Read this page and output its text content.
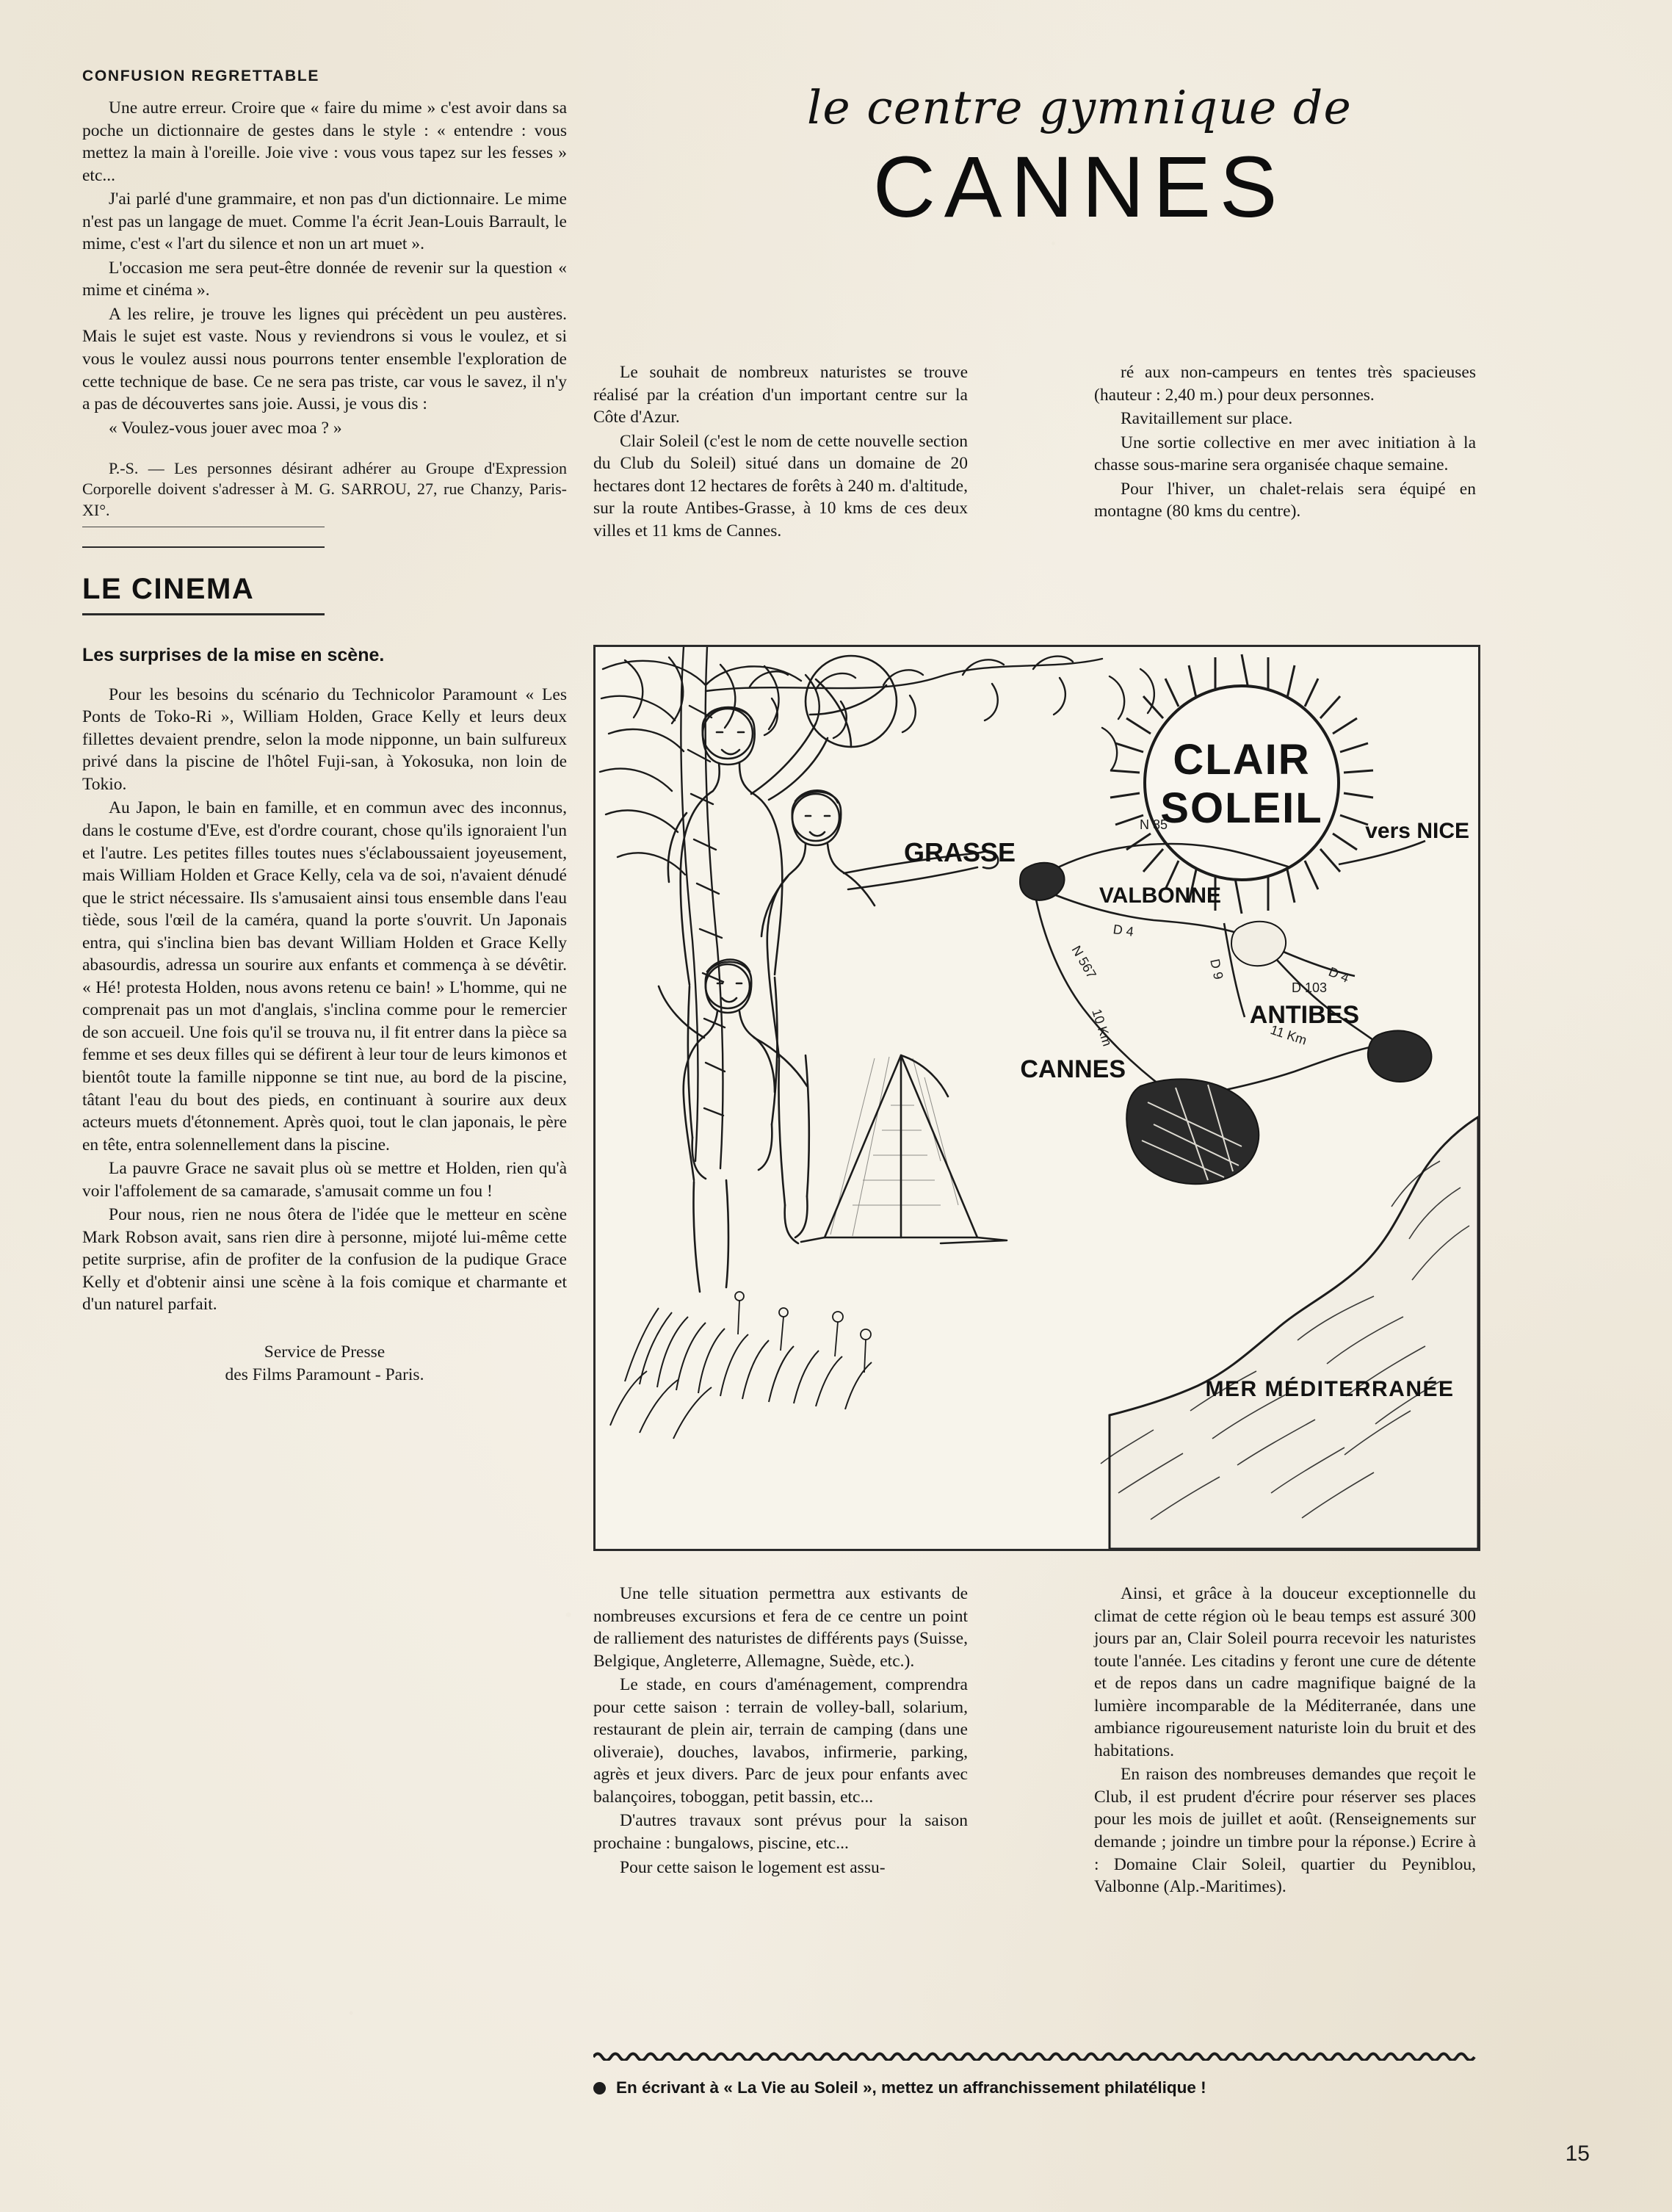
CONFUSION REGRETTABLE

Une autre erreur. Croire que « faire du mime » c'est avoir dans sa poche un dictionnaire de gestes dans le style : « entendre : vous mettez la main à l'oreille. Joie vive : vous vous tapez sur les fesses » etc...

J'ai parlé d'une grammaire, et non pas d'un dictionnaire. Le mime n'est pas un langage de muet. Comme l'a écrit Jean-Louis Barrault, le mime, c'est « l'art du silence et non un art muet ».

L'occasion me sera peut-être donnée de revenir sur la question « mime et cinéma ».

A les relire, je trouve les lignes qui précèdent un peu austères. Mais le sujet est vaste. Nous y reviendrons si vous le voulez, et si vous le voulez aussi nous pourrons tenter ensemble l'exploration de cette technique de base. Ce ne sera pas triste, car vous le savez, il n'y a pas de découvertes sans joie. Aussi, je vous dis :

« Voulez-vous jouer avec moa ? »

P.-S. — Les personnes désirant adhérer au Groupe d'Expression Corporelle doivent s'adresser à M. G. SARROU, 27, rue Chanzy, Paris-XI°.

LE CINEMA
Les surprises de la mise en scène.

Pour les besoins du scénario du Technicolor Paramount « Les Ponts de Toko-Ri », William Holden, Grace Kelly et leurs deux fillettes devaient prendre, selon la mode nipponne, un bain sulfureux privé dans la piscine de l'hôtel Fuji-san, à Yokosuka, non loin de Tokio.

Au Japon, le bain en famille, et en commun avec des inconnus, dans le costume d'Eve, est d'ordre courant, chose qu'ils ignoraient l'un et l'autre. Les petites filles toutes nues s'éclaboussaient joyeusement, mais William Holden et Grace Kelly, cela va de soi, n'avaient dénudé que le strict nécessaire. Ils s'amusaient ainsi tous ensemble dans l'eau tiède, sous l'œil de la caméra, quand la porte s'ouvrit. Un Japonais entra, qui s'inclina bien bas devant William Holden et Grace Kelly abasourdis, adressa un sourire aux enfants et commença à se dévêtir. « Hé! protesta Holden, nous avons retenu ce bain! » L'homme, qui ne comprenait pas un mot d'anglais, s'inclina comme pour le remercier de son accueil. Une fois qu'il se trouva nu, il fit entrer dans la pièce sa femme et ses deux filles qui se défirent à leur tour de leurs kimonos et bientôt toute la famille nipponne se tint nue, au bord de la piscine, tâtant l'eau du bout des pieds, en continuant à sourire aux deux acteurs muets d'étonnement. Après quoi, tout le clan japonais, le père en tête, entra solennellement dans la piscine.

La pauvre Grace ne savait plus où se mettre et Holden, rien qu'à voir l'affolement de sa camarade, s'amusait comme un fou !

Pour nous, rien ne nous ôtera de l'idée que le metteur en scène Mark Robson avait, sans rien dire à personne, mijoté lui-même cette petite surprise, afin de profiter de la confusion de la pudique Grace Kelly et d'obtenir ainsi une scène à la fois comique et charmante et d'un naturel parfait.

Service de Presse
des Films Paramount - Paris.
le centre gymnique de
CANNES

Le souhait de nombreux naturistes se trouve réalisé par la création d'un important centre sur la Côte d'Azur.

Clair Soleil (c'est le nom de cette nouvelle section du Club du Soleil) situé dans un domaine de 20 hectares dont 12 hectares de forêts à 240 m. d'altitude, sur la route Antibes-Grasse, à 10 kms de ces deux villes et 11 kms de Cannes.

ré aux non-campeurs en tentes très spacieuses (hauteur : 2,40 m.) pour deux personnes.

Ravitaillement sur place.

Une sortie collective en mer avec initiation à la chasse sous-marine sera organisée chaque semaine.

Pour l'hiver, un chalet-relais sera équipé en montagne (80 kms du centre).

CLAIR
SOLEIL
GRASSE
VALBONNE
ANTIBES
CANNES
vers NICE
MER MÉDITERRANÉE
N 85
D 4
D 4
D 9
D 103
N 567
10 Km	11 Km

Une telle situation permettra aux estivants de nombreuses excursions et fera de ce centre un point de ralliement des naturistes de différents pays (Suisse, Belgique, Angleterre, Allemagne, Suède, etc.).

Le stade, en cours d'aménagement, comprendra pour cette saison : terrain de volley-ball, solarium, restaurant de plein air, terrain de camping (dans une oliveraie), douches, lavabos, infirmerie, parking, agrès et jeux divers. Parc de jeux pour enfants avec balançoires, toboggan, petit bassin, etc...

D'autres travaux sont prévus pour la saison prochaine : bungalows, piscine, etc...

Pour cette saison le logement est assu-

Ainsi, et grâce à la douceur exceptionnelle du climat de cette région où le beau temps est assuré 300 jours par an, Clair Soleil pourra recevoir les naturistes toute l'année. Les citadins y feront une cure de détente et de repos dans un cadre magnifique baigné de la lumière incomparable de la Méditerranée, dans une ambiance rigoureusement naturiste loin du bruit et des habitations.

En raison des nombreuses demandes que reçoit le Club, il est prudent d'écrire pour réserver ses places pour les mois de juillet et août. (Renseignements sur demande ; joindre un timbre pour la réponse.) Ecrire à : Domaine Clair Soleil, quartier du Peyniblou, Valbonne (Alp.-Maritimes).

En écrivant à « La Vie au Soleil », mettez un affranchissement philatélique !
15
